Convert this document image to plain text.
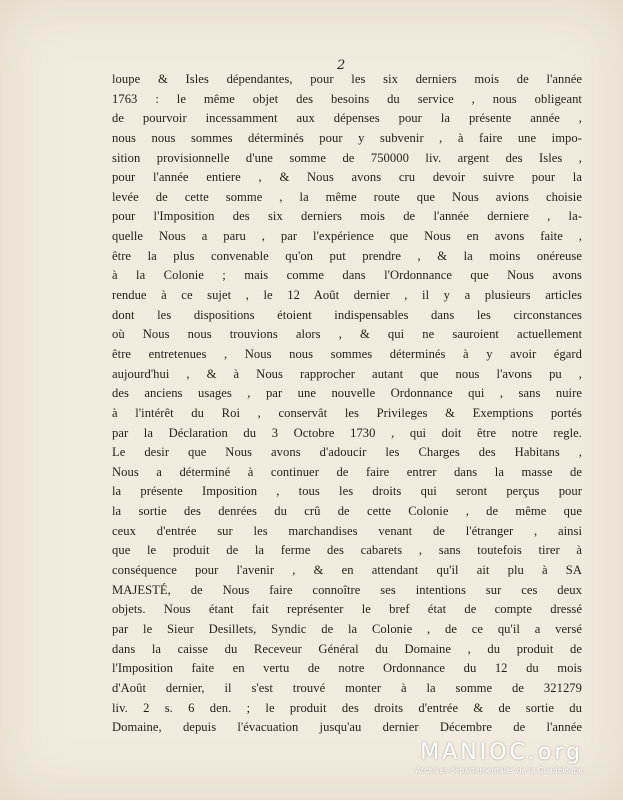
2
loupe & Isles dépendantes, pour les six derniers mois de l'année
1763 : le même objet des besoins du service , nous obligeant
de pourvoir incessamment aux dépenses pour la présente année ,
nous nous sommes déterminés pour y subvenir , à faire une impo-
sition provisionnelle d'une somme de 750000 liv. argent des Isles ,
pour l'année entiere , & Nous avons cru devoir suivre pour la
levée de cette somme , la même route que Nous avions choisie
pour l'Imposition des six derniers mois de l'année derniere , la-
quelle Nous a paru , par l'expérience que Nous en avons faite ,
être la plus convenable qu'on put prendre , & la moins onéreuse
à la Colonie ; mais comme dans l'Ordonnance que Nous avons
rendue à ce sujet , le 12 Août dernier , il y a plusieurs articles
dont les dispositions étoient indispensables dans les circonstances
où Nous nous trouvions alors , & qui ne sauroient actuellement
être entretenues , Nous nous sommes déterminés à y avoir égard
aujourd'hui , & à Nous rapprocher autant que nous l'avons pu ,
des anciens usages , par une nouvelle Ordonnance qui , sans nuire
à l'intérêt du Roi , conservât les Privileges & Exemptions portés
par la Déclaration du 3 Octobre 1730 , qui doit être notre regle.
Le desir que Nous avons d'adoucir les Charges des Habitans ,
Nous a déterminé à continuer de faire entrer dans la masse de
la présente Imposition , tous les droits qui seront perçus pour
la sortie des denrées du crû de cette Colonie , de même que
ceux d'entrée sur les marchandises venant de l'étranger , ainsi
que le produit de la ferme des cabarets , sans toutefois tirer à
conséquence pour l'avenir , & en attendant qu'il ait plu à SA
MAJESTÉ, de Nous faire connoître ses intentions sur ces deux
objets. Nous étant fait représenter le bref état de compte dressé
par le Sieur Desillets, Syndic de la Colonie , de ce qu'il a versé
dans la caisse du Receveur Général du Domaine , du produit de
l'Imposition faite en vertu de notre Ordonnance du 12 du mois
d'Août dernier, il s'est trouvé monter à la somme de 321279
liv. 2 s. 6 den. ; le produit des droits d'entrée & de sortie du
Domaine, depuis l'évacuation jusqu'au dernier Décembre de l'année
MANIOC.org
Archives départementales de la Guadeloupe
